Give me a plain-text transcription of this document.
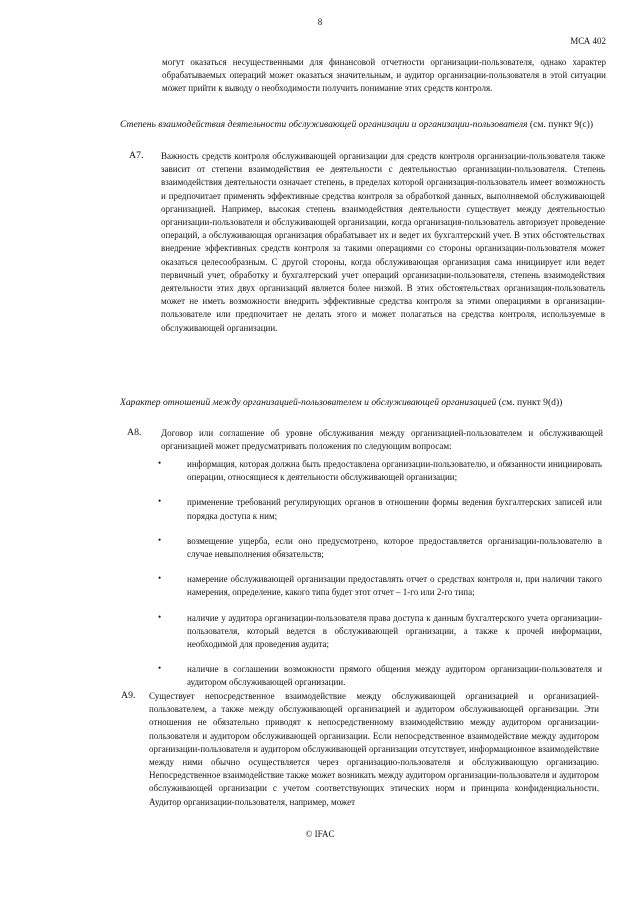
8
МСА 402
могут оказаться несущественными для финансовой отчетности организации-пользователя, однако характер обрабатываемых операций может оказаться значительным, и аудитор организации-пользователя в этой ситуации может прийти к выводу о необходимости получить понимание этих средств контроля.
Степень взаимодействия деятельности обслуживающей организации и организации-пользователя (см. пункт 9(c))
A7. Важность средств контроля обслуживающей организации для средств контроля организации-пользователя также зависит от степени взаимодействия ее деятельности с деятельностью организации-пользователя. Степень взаимодействия деятельности означает степень, в пределах которой организация-пользователь имеет возможность и предпочитает применять эффективные средства контроля за обработкой данных, выполняемой обслуживающей организацией. Например, высокая степень взаимодействия деятельности существует между деятельностью организации-пользователя и обслуживающей организации, когда организация-пользователь авторизует проведение операций, а обслуживающая организация обрабатывает их и ведет их бухгалтерский учет. В этих обстоятельствах внедрение эффективных средств контроля за такими операциями со стороны организации-пользователя может оказаться целесообразным. С другой стороны, когда обслуживающая организация сама инициирует или ведет первичный учет, обработку и бухгалтерский учет операций организации-пользователя, степень взаимодействия деятельности этих двух организаций является более низкой. В этих обстоятельствах организация-пользователь может не иметь возможности внедрить эффективные средства контроля за этими операциями в организации-пользователе или предпочитает не делать этого и может полагаться на средства контроля, используемые в обслуживающей организации.
Характер отношений между организацией-пользователем и обслуживающей организацией (см. пункт 9(d))
A8. Договор или соглашение об уровне обслуживания между организацией-пользователем и обслуживающей организацией может предусматривать положения по следующим вопросам:
•	информация, которая должна быть предоставлена организации-пользователю, и обязанности инициировать операции, относящиеся к деятельности обслуживающей организации;
•	применение требований регулирующих органов в отношении формы ведения бухгалтерских записей или порядка доступа к ним;
•	возмещение ущерба, если оно предусмотрено, которое предоставляется организации-пользователю в случае невыполнения обязательств;
•	намерение обслуживающей организации предоставлять отчет о средствах контроля и, при наличии такого намерения, определение, какого типа будет этот отчет – 1-го или 2-го типа;
•	наличие у аудитора организации-пользователя права доступа к данным бухгалтерского учета организации-пользователя, который ведется в обслуживающей организации, а также к прочей информации, необходимой для проведения аудита;
•	наличие в соглашении возможности прямого общения между аудитором организации-пользователя и аудитором обслуживающей организации.
A9. Существует непосредственное взаимодействие между обслуживающей организацией и организацией-пользователем, а также между обслуживающей организацией и аудитором обслуживающей организации. Эти отношения не обязательно приводят к непосредственному взаимодействию между аудитором организации-пользователя и аудитором обслуживающей организации. Если непосредственное взаимодействие между аудитором организации-пользователя и аудитором обслуживающей организации отсутствует, информационное взаимодействие между ними обычно осуществляется через организацию-пользователя и обслуживающую организацию. Непосредственное взаимодействие также может возникать между аудитором организации-пользователя и аудитором обслуживающей организации с учетом соответствующих этических норм и принципа конфиденциальности. Аудитор организации-пользователя, например, может
© IFAC
